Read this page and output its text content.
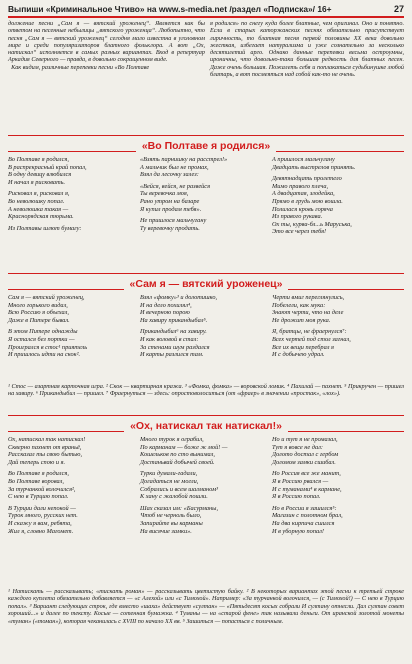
Выпиши «Криминальное Чтиво» на www.s-media.net /раздел «Подписка»/ 16+	27
должение песни „Сам я — вятский уроженец“. Является как бы ответом на песенные небылицы „вятского уроженца“. Любопытно, что песня „Сам я — вятский уроженец“ сегодня мало известна в уголовном мире и среди популяризаторов блатного фольклора. А вот „Ох, натискал“ исполняется в самых разных вариантах. Вход в репертуар Аркадия Северного — правда, в довольно сокращенном виде.
Как видим, различные перепевки песни «Во Полтаве
я родился» по снегу куда более блатные, чем оригинал. Оно и понятно. Если в старых каторжанских песнях обязательно присутствует лиричность, то блатная песня первой половины XX века довольно жесткая, избегает натурализма и уже сознательно за несколько десятилетий арго. Однако данные перепевки весьма остроумны, ироничны, что довольно-таки большая редкость для блатных песен. Даже очень большая. Пожалеть себя и поплакаться судьбинушке любой блатарь, а вот посмеяться над собой как-то не очень.
«Во Полтаве я родился»

Во Полтаве я родился,
В распрекрасный край попал,
В одну девицу влюбился
И начал я рисковать.

Рисковал я, рисковал я,
Во неволюшку попал.
А неволюшка такая —
Краснорядская тюрьма.

Из Полтавы шлют бумагу:

«Взять парнишку на расстрел!»
А мальчик был не промах,
Взял да лесочку залез:

«Вейся, вейся, не развейся
Ты веревочка моя,
Рано утром на базаре
Я купил продам тебя».

Не пришлося мальчугану
Ту веревочку продать.

А пришлося мальчугану
Двадцать выстрелов принять.

Девятнадцать пролетело
Мимо правого плеча,
А двадцатая, злодейка,
Прямо в грудь мою вошла.
Полилася кровь горяча
Из правого рукава.
Ох ты, курва-бл...ь Маруська,
Это все через тебя!

«Сам я — вятский уроженец»

Сам я — вятский уроженец,
Много горького видал,
Всю Россию я объехал,
Даже в Питере бывал.

В этом Питере однажды
Я остался без портки —
Проигрался в стос¹ приятель
И пришлось идти на скок².

Взял «фомку»³ и долотишко,
И на дело похилял⁴,
И вечерною порою
На хавиру прикандыбал⁵.

Прикандыбил⁶ на хавиру.
И как воловой в стал:
За стенами шум раздался
И карты разлился там.

Черти вмиг переглянулись,
Побелели, как мука:
Знают черти, что на деле
Не дрожит моя рука.

Я, братцы, не фраернулся⁷:
Всех чертей под стол загнал,
Все их вещи перебрал я
И с добычею удрал.

¹ Стос — азартная карточная игра. ² Скок — квартирная кража. ³ «Фомка, фомка» — воровской ломик. ⁴ Пахилай — пахнет. ⁵ Прикручен — пришел на хавиру. ⁶ Прикандыбил — пришел. ⁷ Фраернуться — здесь: опростоволоситься (от «фраер» в значении «простак», «лох»).
«Ох, натискал так натискал!»

Ох, натискал так натискал!
Скверно пахнет от враньё,
Рассказал ты свою бытью,
Дай теперь спою и я.

Во Полтаве я родился,
Во Полтаве воровал,
За турчанкой волочился²,
С нею в Турцию попал.

В Турции дали непокой —
Турок много, русских нет.
И скажу я вам, ребята,
Жил я, словно Магомет.

Много турок я ограбил,
По карманам — боже ж мой! —
Кошельков по сто вынимал,
Достаньвай добычей своей.

Турки думали-гадали,
Догадаться не могли,
Собрались и всем шалманом³
К хану с жалобой пошли.

Шах сказал им: «Басурманы,
Чтоб не черноль было,
Запирайте вы карманы
На висячие замки».

Но и тут я не промазал,
Тут я вовсе не дал:
Долото достал с гербом
Доломом замки сшибал.

Но Россия все же манит,
Я в Россию рвался —
И с туманами⁴ в кармане,
Я в Россию попал.

Но в России я зашился⁵:
Магазин с полотном брал,
На два кирпича сшился
И в уборную попал!

¹ Натискать — рассказывать; «тискать роман» — рассказывать цветистую байку. ² В некоторых вариантах этой песни к третьей строке каждого куплета обязательно добавляется — «с Алехой» или «с Тимохой». Например: «За турчанкой волочился, — (с Тимохой!) — С нею в Турцию попал». ³ Вариант следующих строк, где вместо «шаха» действует «султан» — «Пятьдесят косых собрали И султану отнесли. Дал султан совет хороший...» и далее по тексту. Косые — сотенная бумажка. ⁴ Туманы — на «старой фене» так называли деньги. От иранской золотой монеты «туман» («томан»), которая чеканилась с XVIII по начало XX вв. ⁵ Зашиться — попасться с поличным.
